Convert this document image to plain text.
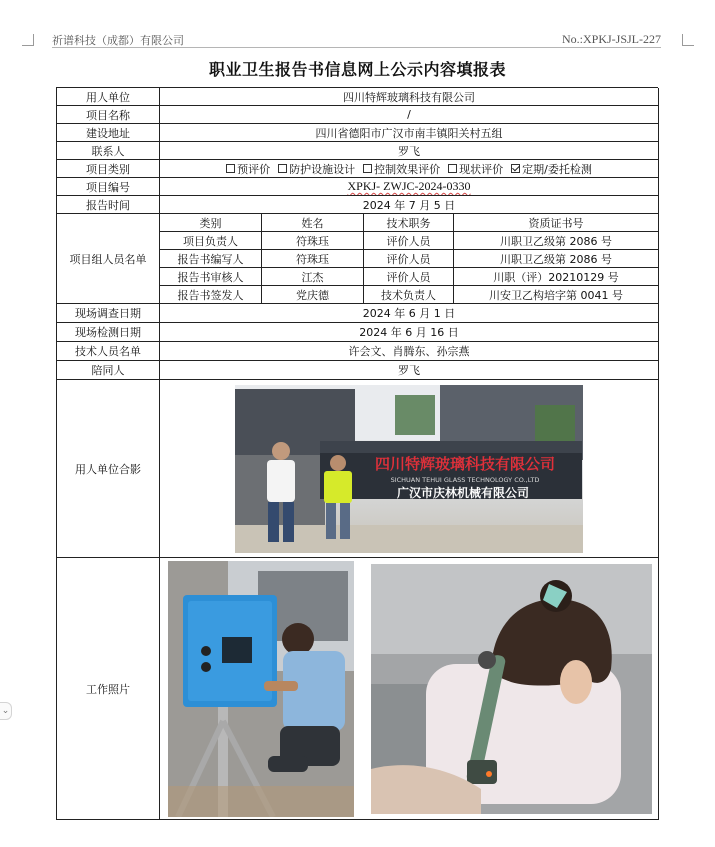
祈谱科技（成都）有限公司	No.:XPKJ-JSJL-227
职业卫生报告书信息网上公示内容填报表
⌄
用人单位	四川特辉玻璃科技有限公司
项目名称	/
建设地址	四川省德阳市广汉市南丰镇阳关村五组
联系人	罗飞
项目类别	预评价	防护设施设计	控制效果评价	现状评价	定期/委托检测
项目编号	XPKJ- ZWJC-2024-0330
报告时间	2024 年 7 月 5 日
项目组人员名单
类别	姓名	技术职务	资质证书号
项目负责人	符珠珏	评价人员	川职卫乙级第 2086 号
报告书编写人	符珠珏	评价人员	川职卫乙级第 2086 号
报告书审核人	江杰	评价人员	川职（评）20210129 号
报告书签发人	党庆德	技术负责人	川安卫乙构培字第 0041 号
现场调查日期	2024 年 6 月 1 日
现场检测日期	2024 年 6 月 16 日
技术人员名单	许会文、肖腾东、孙宗燕
陪同人	罗飞
用人单位合影	四川特辉玻璃科技有限公司
SICHUAN TEHUI GLASS TECHNOLOGY CO.,LTD
广汉市庆林机械有限公司
工作照片
